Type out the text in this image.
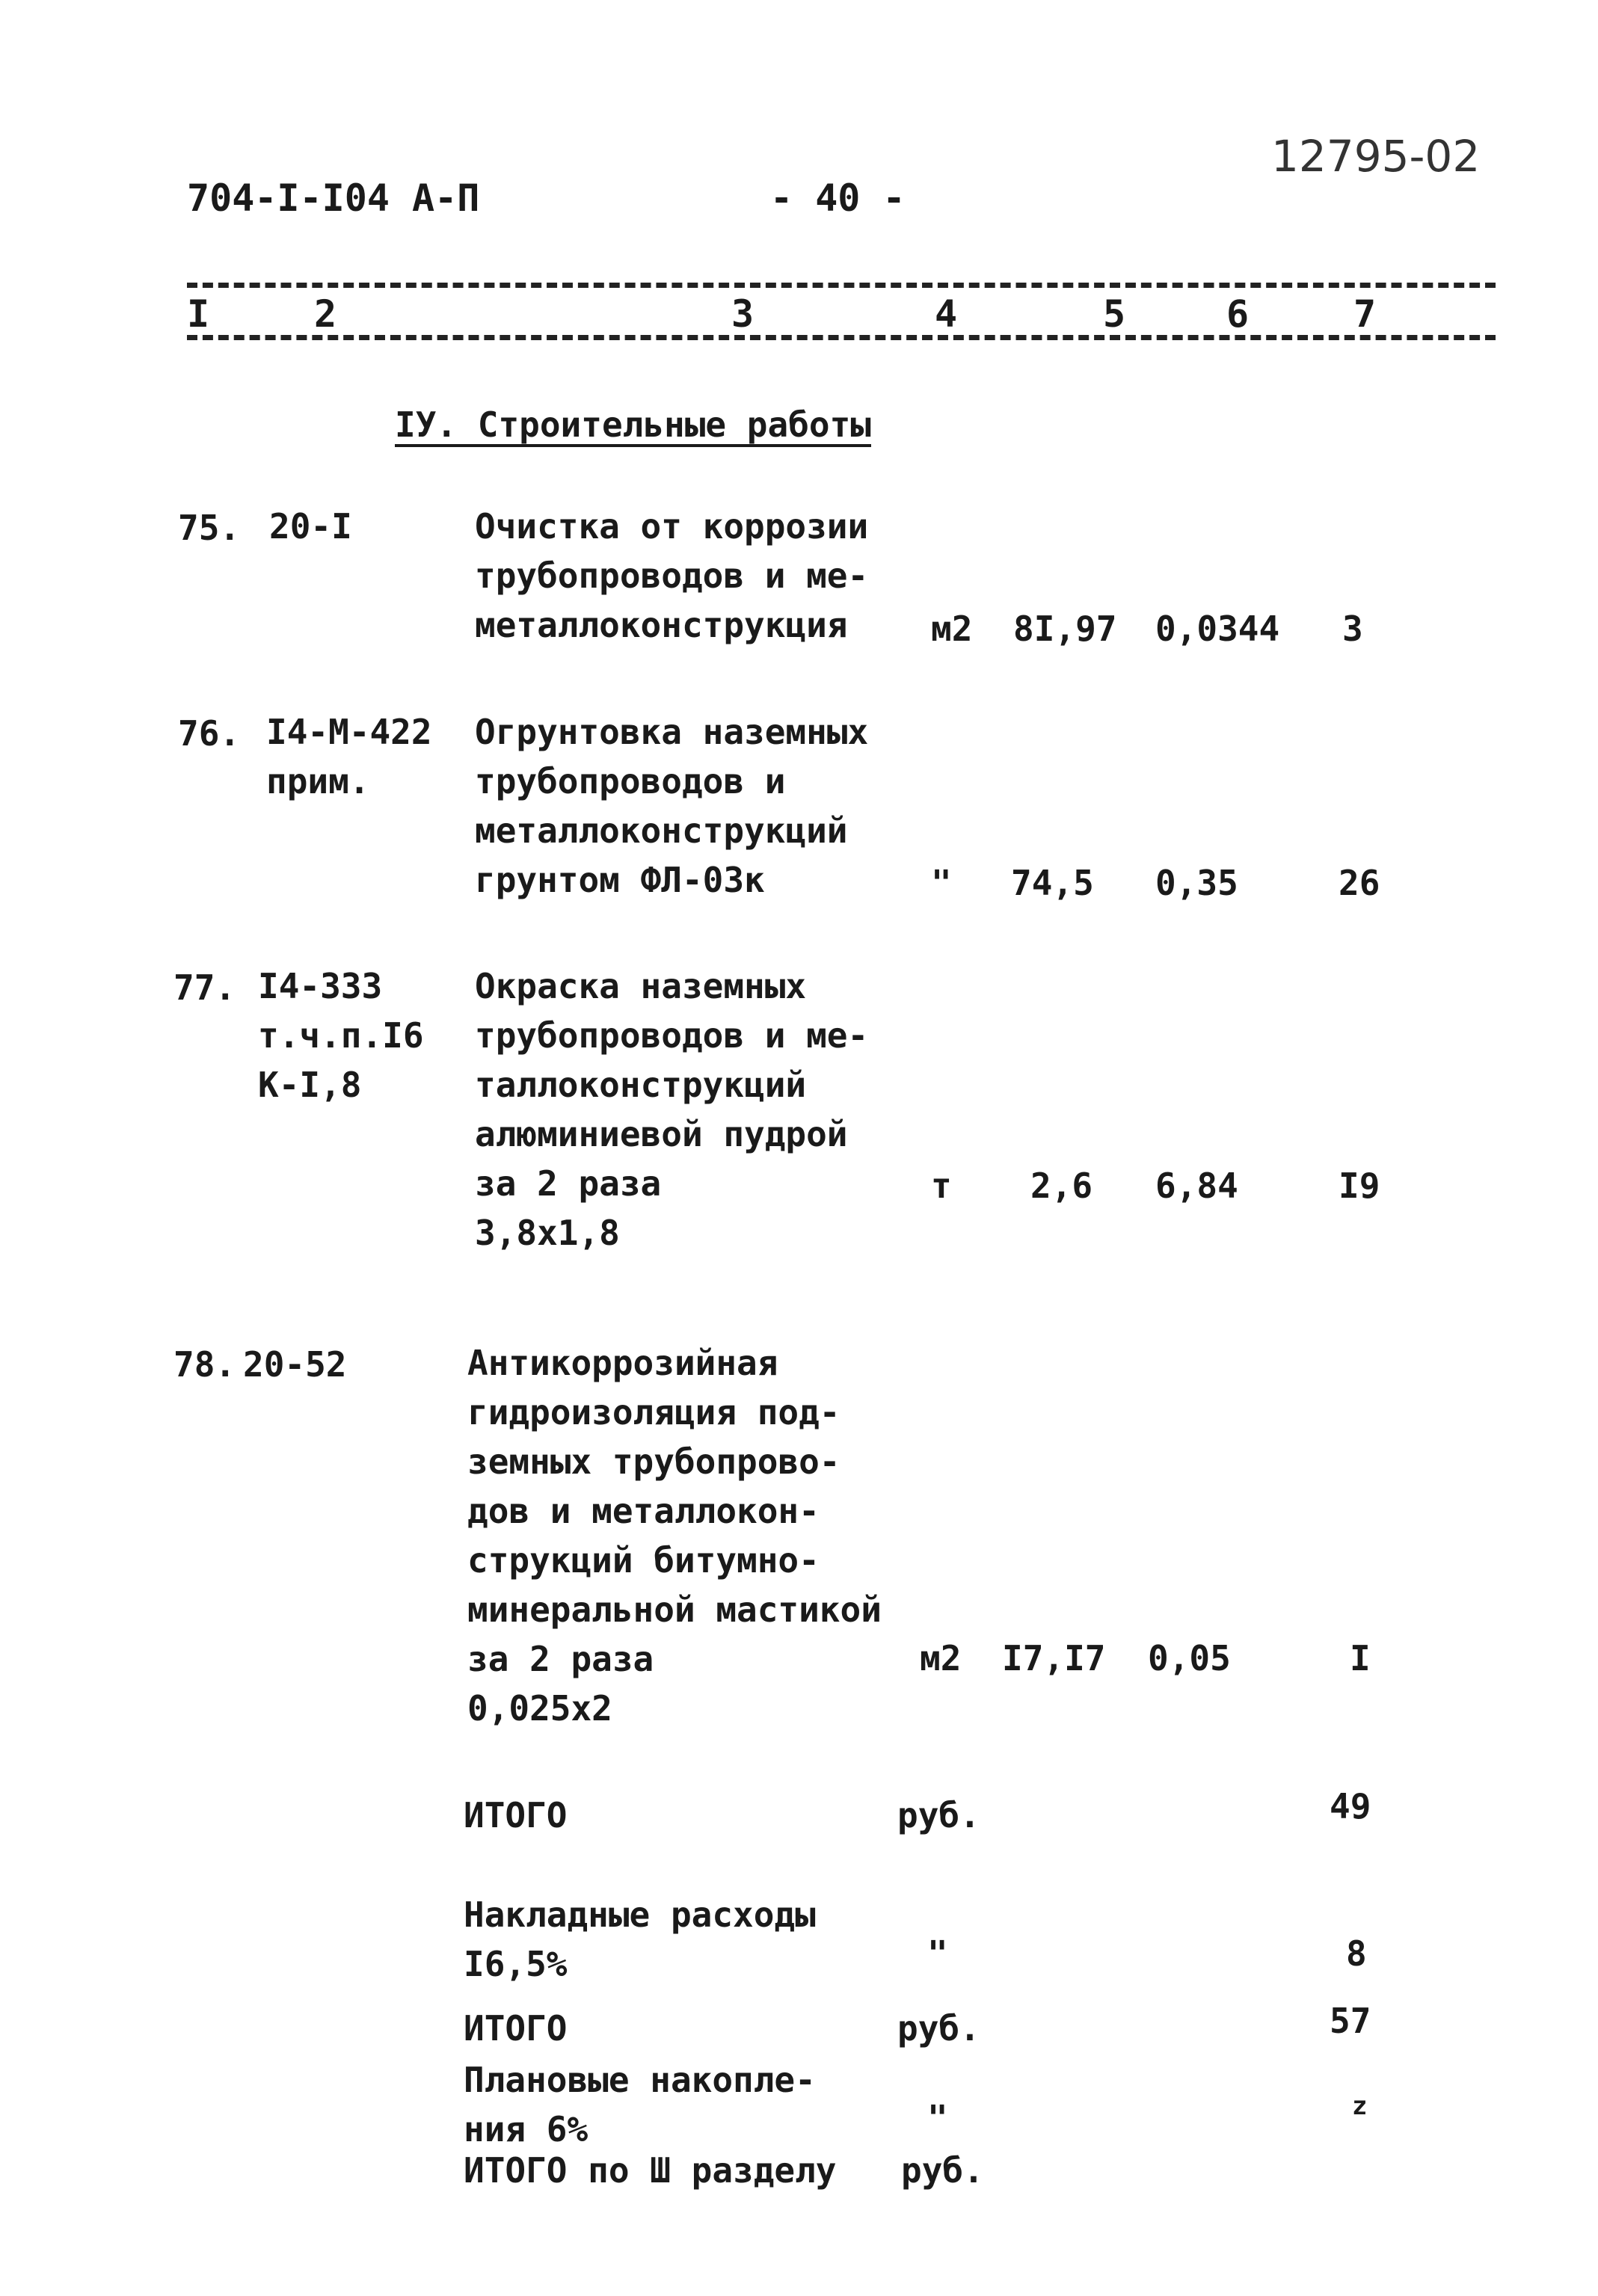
704-I-I04 А-П	- 40 -
12795-02
I	2	3	4	5	6	7
IУ. Строительные работы
75. 20-I	Очистка от коррозии
трубопроводов и ме-
металлоконструкция	м2 8I,97 0,0344 3
76. I4-М-422
прим.
Огрунтовка наземных
трубопроводов и
металлоконструкций
грунтом ФЛ-03к	" 74,5 0,35	26
77. I4-333
т.ч.п.I6
К-I,8
Окраска наземных
трубопроводов и ме-
таллоконструкций
алюминиевой пудрой
за 2 раза
3,8х1,8
т 2,6 6,84	I9
78. 20-52	Антикоррозийная
гидроизоляция под-
земных трубопрово-
дов и металлокон-
струкций битумно-
минеральной мастикой
за 2 раза
0,025х2
м2 I7,I7 0,05	I
ИТОГО	руб.	49
Накладные расходы
I6,5%	"	8
ИТОГО	руб.	57
Плановые накопле-
ния 6%	"	z
ИТОГО по Ш разделу руб.
